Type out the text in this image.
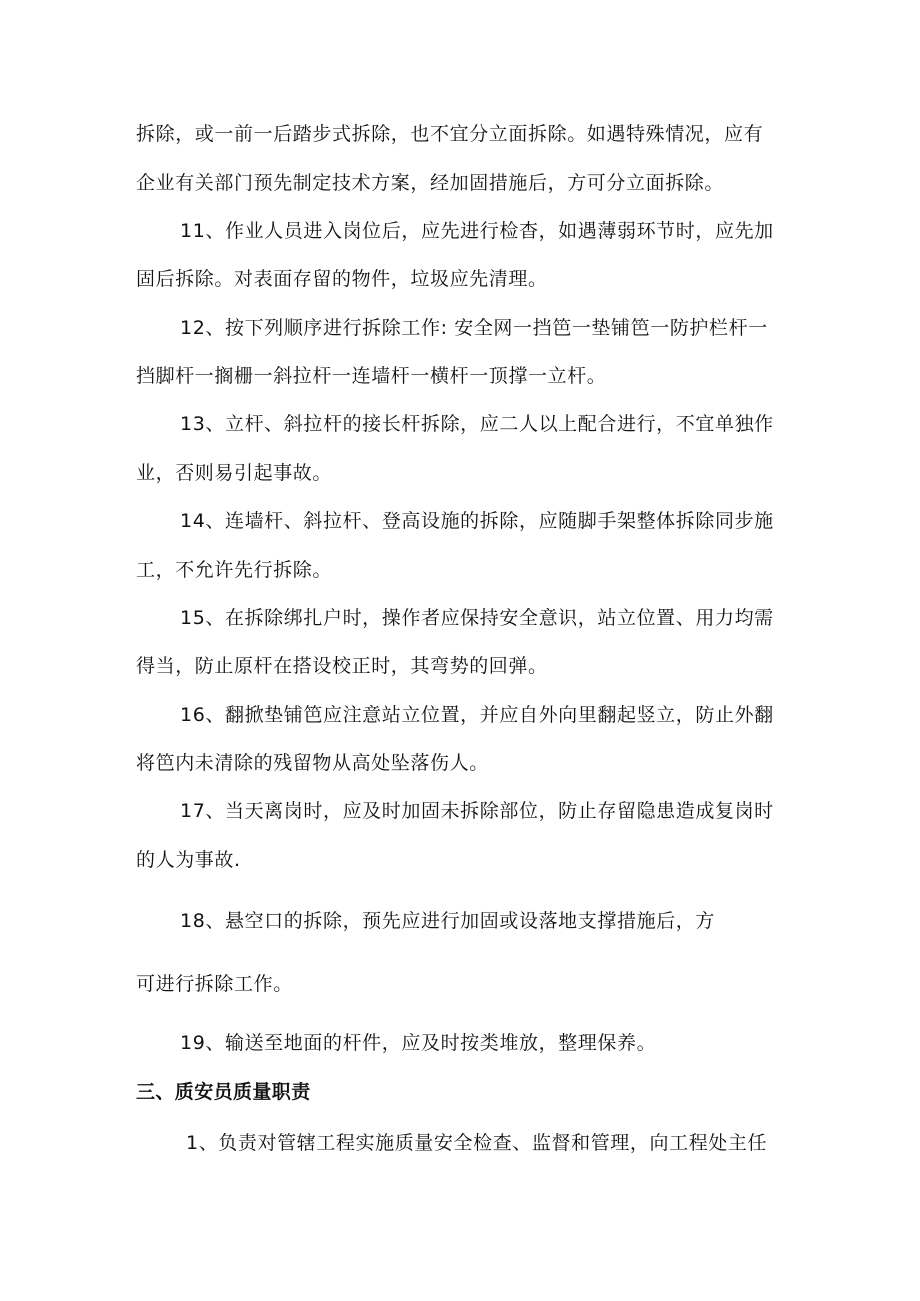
拆除，或一前一后踏步式拆除，也不宜分立面拆除。如遇特殊情况，应有
企业有关部门预先制定技术方案，经加固措施后，方可分立面拆除。
11、作业人员进入岗位后，应先进行检杳，如遇薄弱环节时，应先加
固后拆除。对表面存留的物件，垃圾应先清理。
12、按下列顺序进行拆除工作: 安全网一挡笆一垫铺笆一防护栏杆一
挡脚杆一搁栅一斜拉杆一连墙杆一横杆一顶撑一立杆。
13、立杆、斜拉杆的接长杆拆除，应二人以上配合进行，不宜单独作
业，否则易引起事故。
14、连墙杆、斜拉杆、登高设施的拆除，应随脚手架整体拆除同步施
工，不允许先行拆除。
15、在拆除绑扎户时，操作者应保持安全意识，站立位置、用力均需
得当，防止原杆在搭设校正时，其弯势的回弹。
16、翻掀垫铺笆应注意站立位置，并应自外向里翻起竖立，防止外翻
将笆内未清除的残留物从高处坠落伤人。
17、当天离岗时，应及时加固未拆除部位，防止存留隐患造成复岗时
的人为事故.
18、悬空口的拆除，预先应进行加固或设落地支撑措施后，方
可进行拆除工作。
19、输送至地面的杆件，应及时按类堆放，整理保养。
三、质安员质量职责
1、负责对管辖工程实施质量安全检查、监督和管理，向工程处主任
